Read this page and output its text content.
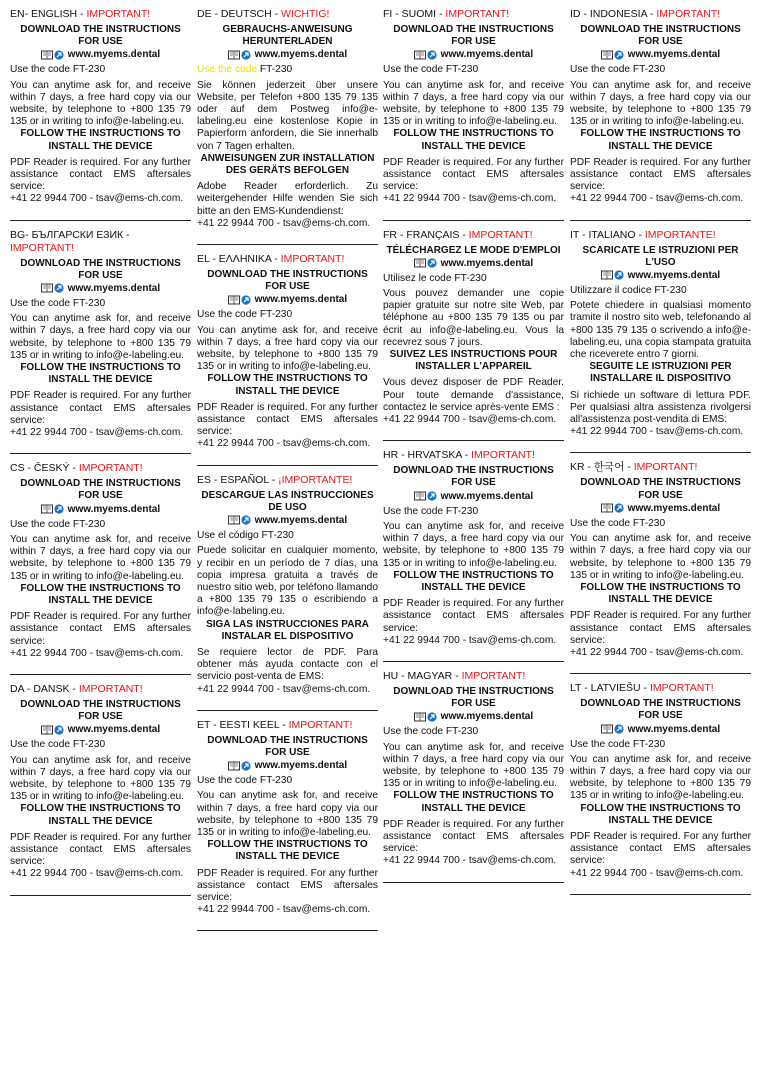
EN- ENGLISH - IMPORTANT!
DOWNLOAD THE INSTRUCTIONS FOR USE
www.myems.dental
Use the code FT-230

You can anytime ask for, and receive within 7 days, a free hard copy via our website, by telephone to +800 135 79 135 or in writing to info@e-labeling.eu.

FOLLOW THE INSTRUCTIONS TO INSTALL THE DEVICE

PDF Reader is required. For any further assistance contact EMS aftersales service:

+41 22 9944 700 - tsav@ems-ch.com.
BG- БЪЛГАРСКИ ЕЗИК - IMPORTANT!
DOWNLOAD THE INSTRUCTIONS FOR USE
www.myems.dental
Use the code FT-230

You can anytime ask for, and receive within 7 days, a free hard copy via our website, by telephone to +800 135 79 135 or in writing to info@e-labeling.eu.

FOLLOW THE INSTRUCTIONS TO INSTALL THE DEVICE

PDF Reader is required. For any further assistance contact EMS aftersales service:

+41 22 9944 700 - tsav@ems-ch.com.
CS - ČESKÝ - IMPORTANT!
DOWNLOAD THE INSTRUCTIONS FOR USE
www.myems.dental
Use the code FT-230

You can anytime ask for, and receive within 7 days, a free hard copy via our website, by telephone to +800 135 79 135 or in writing to info@e-labeling.eu.

FOLLOW THE INSTRUCTIONS TO INSTALL THE DEVICE

PDF Reader is required. For any further assistance contact EMS aftersales service:

+41 22 9944 700 - tsav@ems-ch.com.
DA - DANSK - IMPORTANT!
DOWNLOAD THE INSTRUCTIONS FOR USE
www.myems.dental
Use the code FT-230

You can anytime ask for, and receive within 7 days, a free hard copy via our website, by telephone to +800 135 79 135 or in writing to info@e-labeling.eu.

FOLLOW THE INSTRUCTIONS TO INSTALL THE DEVICE

PDF Reader is required. For any further assistance contact EMS aftersales service:

+41 22 9944 700 - tsav@ems-ch.com.
DE - DEUTSCH - WICHTIG!
GEBRAUCHS-ANWEISUNG HERUNTERLADEN
www.myems.dental
Use the code FT-230

Sie können jederzeit über unsere Website, per Telefon +800 135 79 135 oder auf dem Postweg info@e-labeling.eu eine kostenlose Kopie in Papierform anfordern, die Sie innerhalb von 7 Tagen erhalten.

ANWEISUNGEN ZUR INSTALLATION DES GERÄTS BEFOLGEN

Adobe Reader erforderlich. Zu weitergehender Hilfe wenden Sie sich bitte an den EMS-Kundendienst:

+41 22 9944 700 - tsav@ems-ch.com.
EL - ΕΛΛΗΝΙΚΑ - IMPORTANT!
DOWNLOAD THE INSTRUCTIONS FOR USE
www.myems.dental
Use the code FT-230

You can anytime ask for, and receive within 7 days, a free hard copy via our website, by telephone to +800 135 79 135 or in writing to info@e-labeling.eu.

FOLLOW THE INSTRUCTIONS TO INSTALL THE DEVICE

PDF Reader is required. For any further assistance contact EMS aftersales service:

+41 22 9944 700 - tsav@ems-ch.com.
ES - ESPAÑOL - ¡IMPORTANTE!
DESCARGUE LAS INSTRUCCIONES DE USO
www.myems.dental
Use el código FT-230

Puede solicitar en cualquier momento, y recibir en un período de 7 días, una copia impresa gratuita a través de nuestro sitio web, por teléfono llamando a +800 135 79 135 o escribiendo a info@e-labeling.eu.

SIGA LAS INSTRUCCIONES PARA INSTALAR EL DISPOSITIVO

Se requiere lector de PDF. Para obtener más ayuda contacte con el servicio post-venta de EMS:

+41 22 9944 700 - tsav@ems-ch.com.
ET - EESTI KEEL - IMPORTANT!
DOWNLOAD THE INSTRUCTIONS FOR USE
www.myems.dental
Use the code FT-230

You can anytime ask for, and receive within 7 days, a free hard copy via our website, by telephone to +800 135 79 135 or in writing to info@e-labeling.eu.

FOLLOW THE INSTRUCTIONS TO INSTALL THE DEVICE

PDF Reader is required. For any further assistance contact EMS aftersales service:

+41 22 9944 700 - tsav@ems-ch.com.
FI - SUOMI - IMPORTANT!
DOWNLOAD THE INSTRUCTIONS FOR USE
www.myems.dental
Use the code FT-230

You can anytime ask for, and receive within 7 days, a free hard copy via our website, by telephone to +800 135 79 135 or in writing to info@e-labeling.eu.

FOLLOW THE INSTRUCTIONS TO INSTALL THE DEVICE

PDF Reader is required. For any further assistance contact EMS aftersales service:

+41 22 9944 700 - tsav@ems-ch.com.
FR - FRANÇAIS - IMPORTANT!
TÉLÉCHARGEZ LE MODE D'EMPLOI
www.myems.dental
Utilisez le code FT-230

Vous pouvez demander une copie papier gratuite sur notre site Web, par téléphone au +800 135 79 135 ou par écrit au info@e-labeling.eu. Vous la recevrez sous 7 jours.

SUIVEZ LES INSTRUCTIONS POUR INSTALLER L'APPAREIL

Vous devez disposer de PDF Reader. Pour toute demande d'assistance, contactez le service après-vente EMS :

+41 22 9944 700 - tsav@ems-ch.com.
HR - HRVATSKA - IMPORTANT!
DOWNLOAD THE INSTRUCTIONS FOR USE
www.myems.dental
Use the code FT-230

You can anytime ask for, and receive within 7 days, a free hard copy via our website, by telephone to +800 135 79 135 or in writing to info@e-labeling.eu.

FOLLOW THE INSTRUCTIONS TO INSTALL THE DEVICE

PDF Reader is required. For any further assistance contact EMS aftersales service:

+41 22 9944 700 - tsav@ems-ch.com.
HU - MAGYAR - IMPORTANT!
DOWNLOAD THE INSTRUCTIONS FOR USE
www.myems.dental
Use the code FT-230

You can anytime ask for, and receive within 7 days, a free hard copy via our website, by telephone to +800 135 79 135 or in writing to info@e-labeling.eu.

FOLLOW THE INSTRUCTIONS TO INSTALL THE DEVICE

PDF Reader is required. For any further assistance contact EMS aftersales service:

+41 22 9944 700 - tsav@ems-ch.com.
ID - INDONESIA - IMPORTANT!
DOWNLOAD THE INSTRUCTIONS FOR USE
www.myems.dental
Use the code FT-230

You can anytime ask for, and receive within 7 days, a free hard copy via our website, by telephone to +800 135 79 135 or in writing to info@e-labeling.eu.

FOLLOW THE INSTRUCTIONS TO INSTALL THE DEVICE

PDF Reader is required. For any further assistance contact EMS aftersales service:

+41 22 9944 700 - tsav@ems-ch.com.
IT - ITALIANO - IMPORTANTE!
SCARICATE LE ISTRUZIONI PER L'USO
www.myems.dental
Utilizzare il codice FT-230

Potete chiedere in qualsiasi momento tramite il nostro sito web, telefonando al +800 135 79 135 o scrivendo a info@e-labeling.eu, una copia stampata gratuita che riceverete entro 7 giorni.

SEGUITE LE ISTRUZIONI PER INSTALLARE IL DISPOSITIVO

Si richiede un software di lettura PDF. Per qualsiasi altra assistenza rivolgersi all'assistenza post-vendita di EMS:

+41 22 9944 700 - tsav@ems-ch.com.
KR - 한국어 - IMPORTANT!
DOWNLOAD THE INSTRUCTIONS FOR USE
www.myems.dental
Use the code FT-230

You can anytime ask for, and receive within 7 days, a free hard copy via our website, by telephone to +800 135 79 135 or in writing to info@e-labeling.eu.

FOLLOW THE INSTRUCTIONS TO INSTALL THE DEVICE

PDF Reader is required. For any further assistance contact EMS aftersales service:

+41 22 9944 700 - tsav@ems-ch.com.
LT - LATVIEŠU - IMPORTANT!
DOWNLOAD THE INSTRUCTIONS FOR USE
www.myems.dental
Use the code FT-230

You can anytime ask for, and receive within 7 days, a free hard copy via our website, by telephone to +800 135 79 135 or in writing to info@e-labeling.eu.

FOLLOW THE INSTRUCTIONS TO INSTALL THE DEVICE

PDF Reader is required. For any further assistance contact EMS aftersales service:

+41 22 9944 700 - tsav@ems-ch.com.
